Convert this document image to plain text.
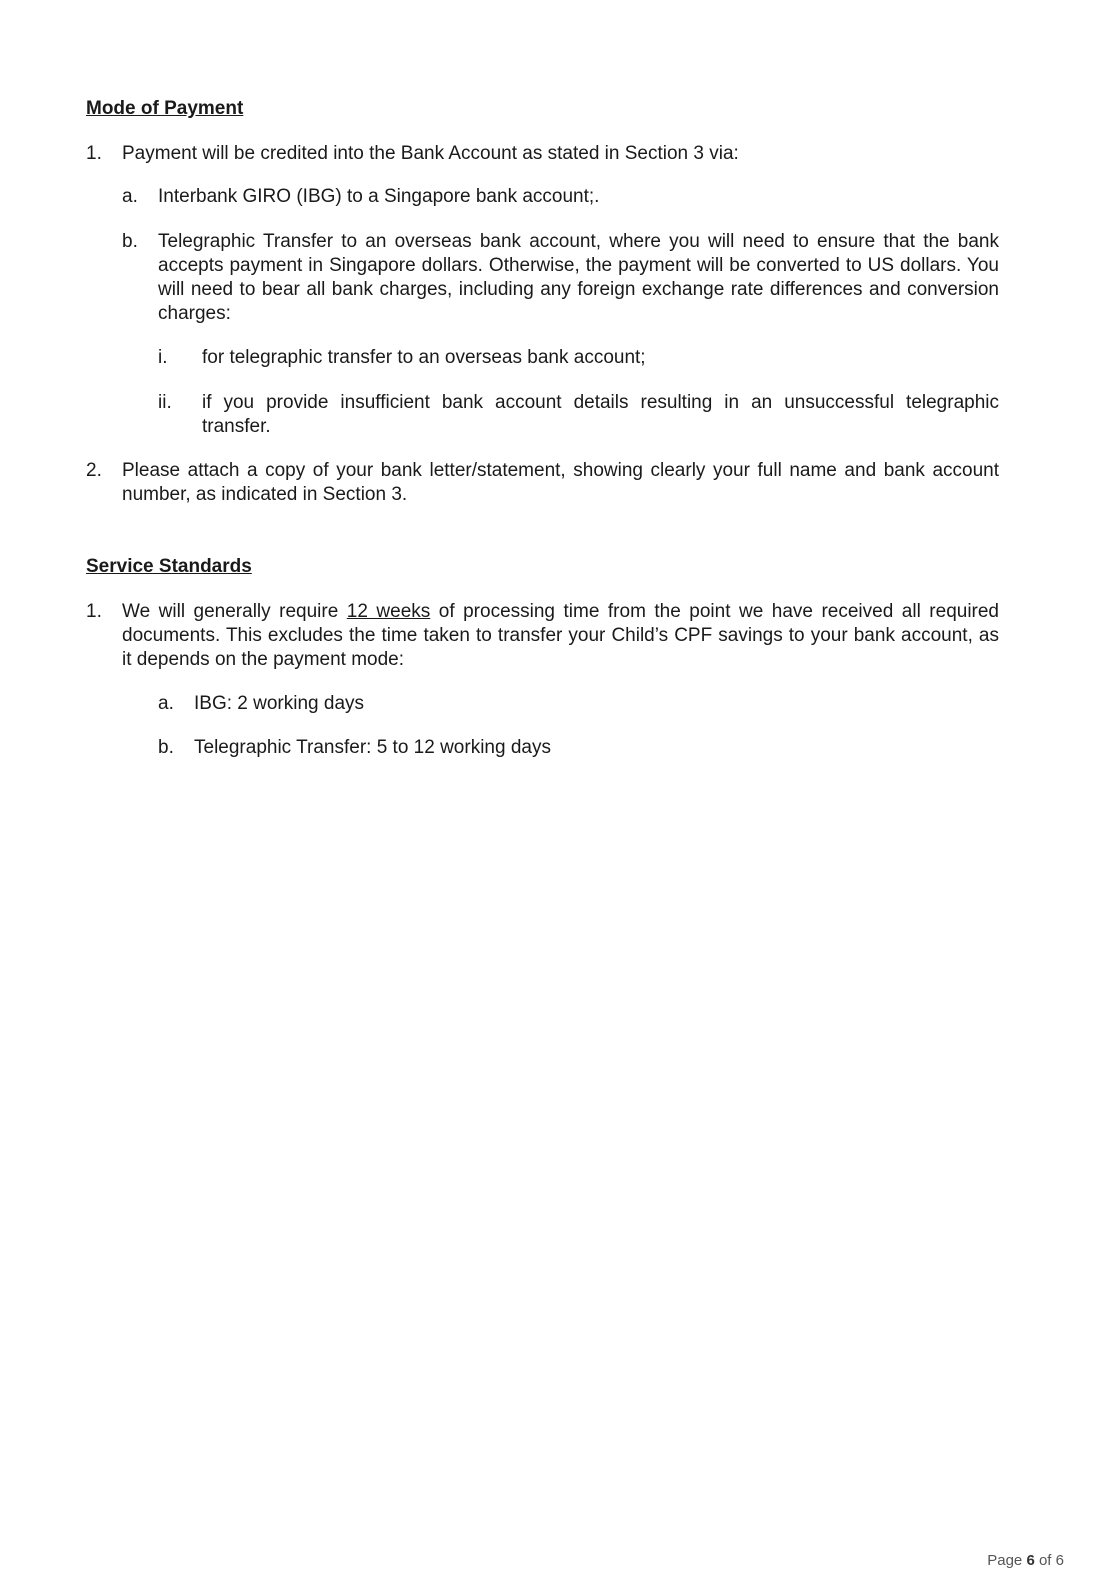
Mode of Payment
1. Payment will be credited into the Bank Account as stated in Section 3 via:
a. Interbank GIRO (IBG) to a Singapore bank account;.
b. Telegraphic Transfer to an overseas bank account, where you will need to ensure that the bank accepts payment in Singapore dollars. Otherwise, the payment will be converted to US dollars. You will need to bear all bank charges, including any foreign exchange rate differences and conversion charges:
i. for telegraphic transfer to an overseas bank account;
ii. if you provide insufficient bank account details resulting in an unsuccessful telegraphic transfer.
2. Please attach a copy of your bank letter/statement, showing clearly your full name and bank account number, as indicated in Section 3.
Service Standards
1. We will generally require 12 weeks of processing time from the point we have received all required documents. This excludes the time taken to transfer your Child’s CPF savings to your bank account, as it depends on the payment mode:
a. IBG: 2 working days
b. Telegraphic Transfer: 5 to 12 working days
Page 6 of 6
